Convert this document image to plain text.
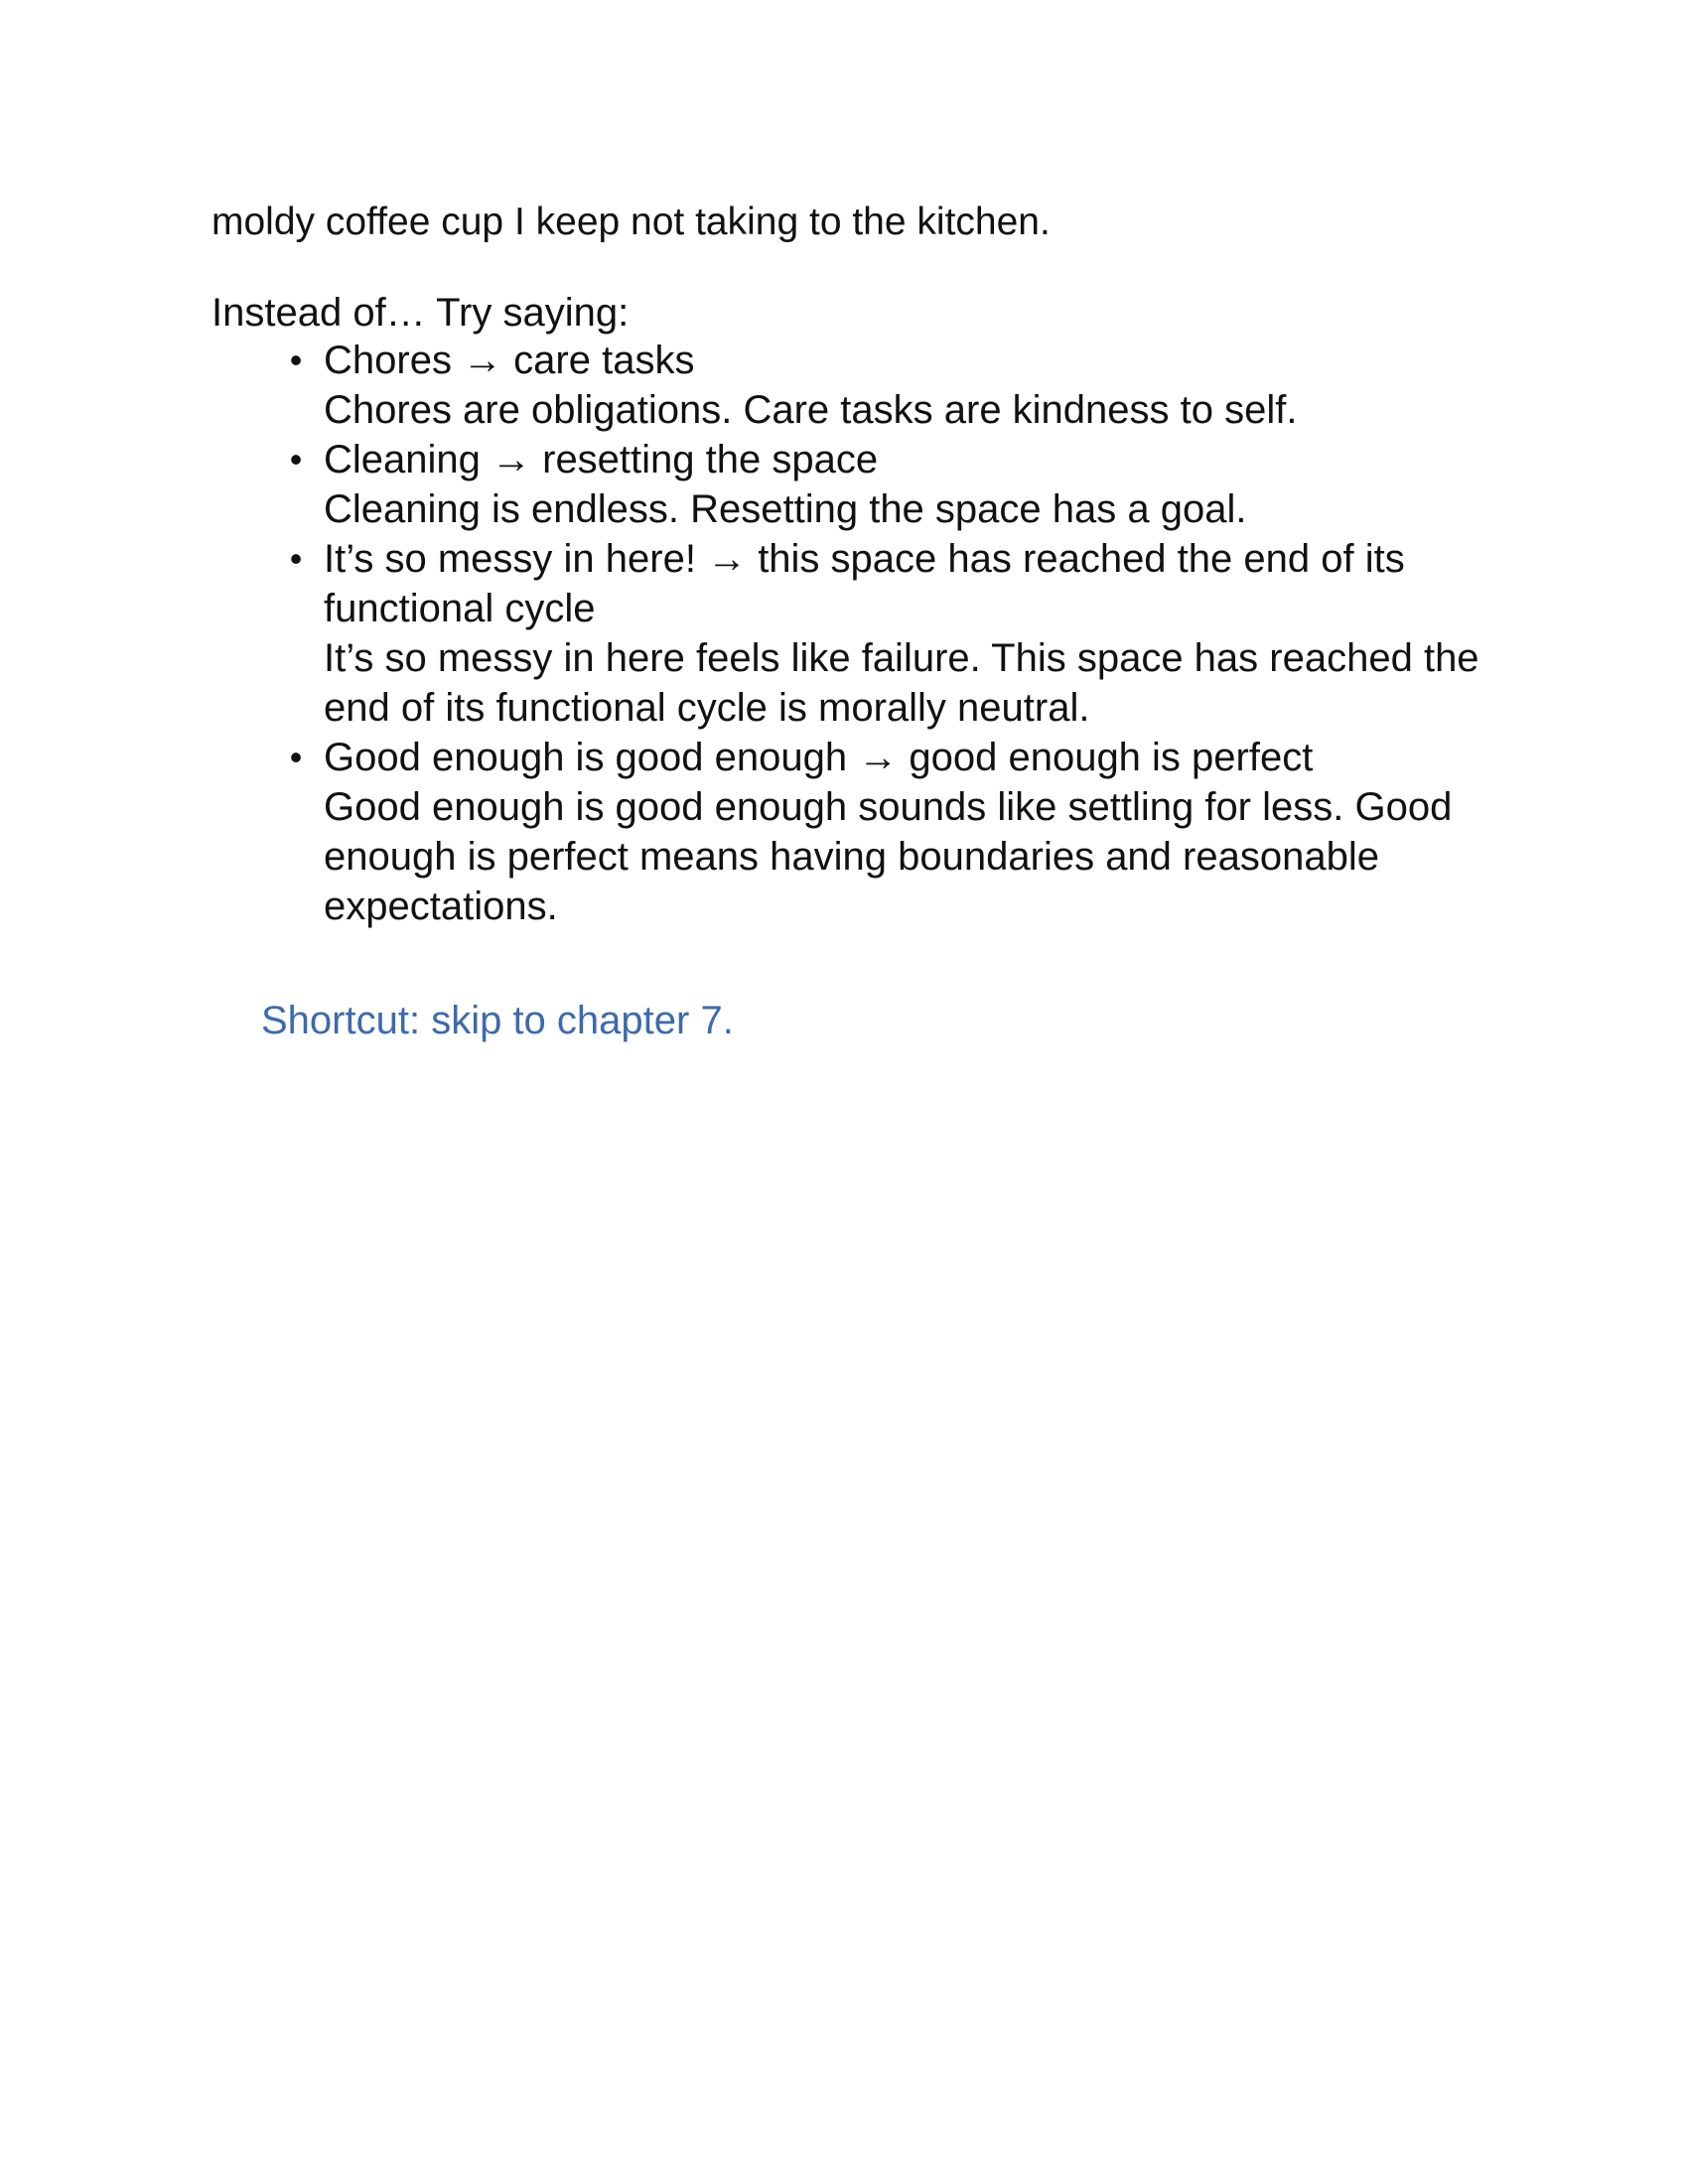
moldy coffee cup I keep not taking to the kitchen.
Instead of… Try saying:
• Chores → care tasks
Chores are obligations. Care tasks are kindness to self.
• Cleaning → resetting the space
Cleaning is endless. Resetting the space has a goal.
• It’s so messy in here! → this space has reached the end of its functional cycle
It’s so messy in here feels like failure. This space has reached the end of its functional cycle is morally neutral.
• Good enough is good enough → good enough is perfect
Good enough is good enough sounds like settling for less. Good enough is perfect means having boundaries and reasonable expectations.
Shortcut: skip to chapter 7.
